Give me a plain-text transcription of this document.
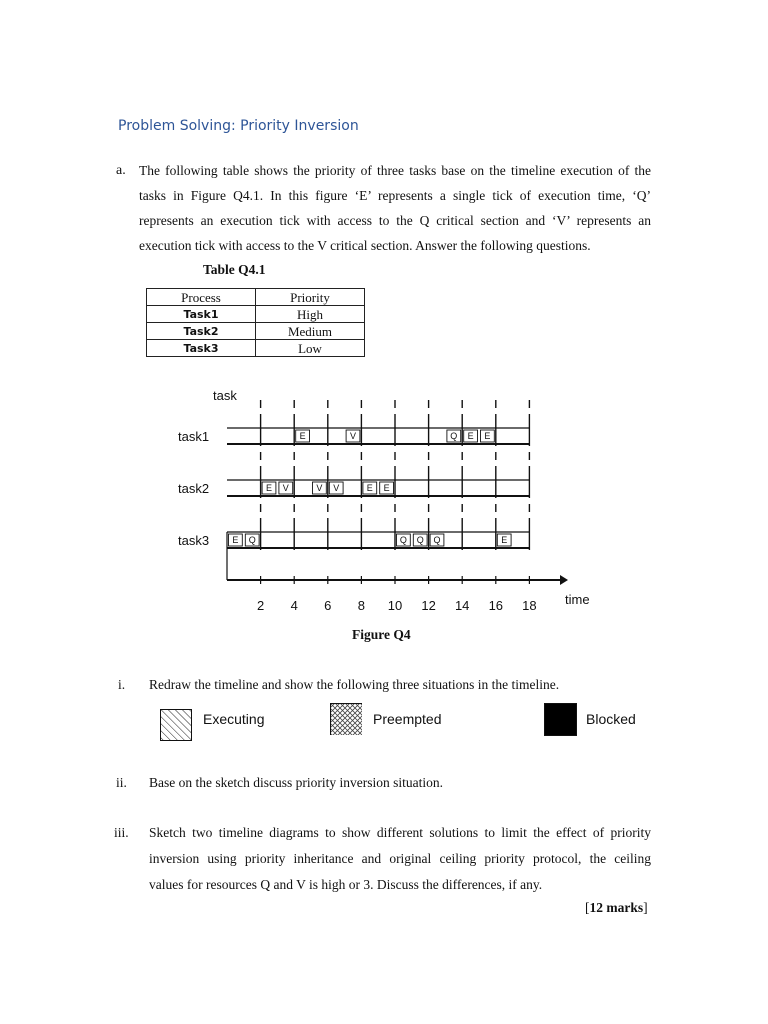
Problem Solving: Priority Inversion
a. The following table shows the priority of three tasks base on the timeline execution of the
tasks in Figure Q4.1. In this figure ‘E’ represents a single tick of execution time, ‘Q’
represents an execution tick with access to the Q critical section and ‘V’ represents an
execution tick with access to the V critical section. Answer the following questions.
Table Q4.1
Process	Priority
Task1	High
Task2	Medium
Task3	Low
task
task1	E	V	Q E E
task2	E V	V V	E E
task3	E Q	Q Q Q	E
2 4 6 8 10 12 14 16 18 time
Figure Q4
i. Redraw the timeline and show the following three situations in the timeline.
Executing	Preempted	Blocked
ii. Base on the sketch discuss priority inversion situation.
iii. Sketch two timeline diagrams to show different solutions to limit the effect of priority
inversion using priority inheritance and original ceiling priority protocol, the ceiling
values for resources Q and V is high or 3. Discuss the differences, if any.
[12 marks]
